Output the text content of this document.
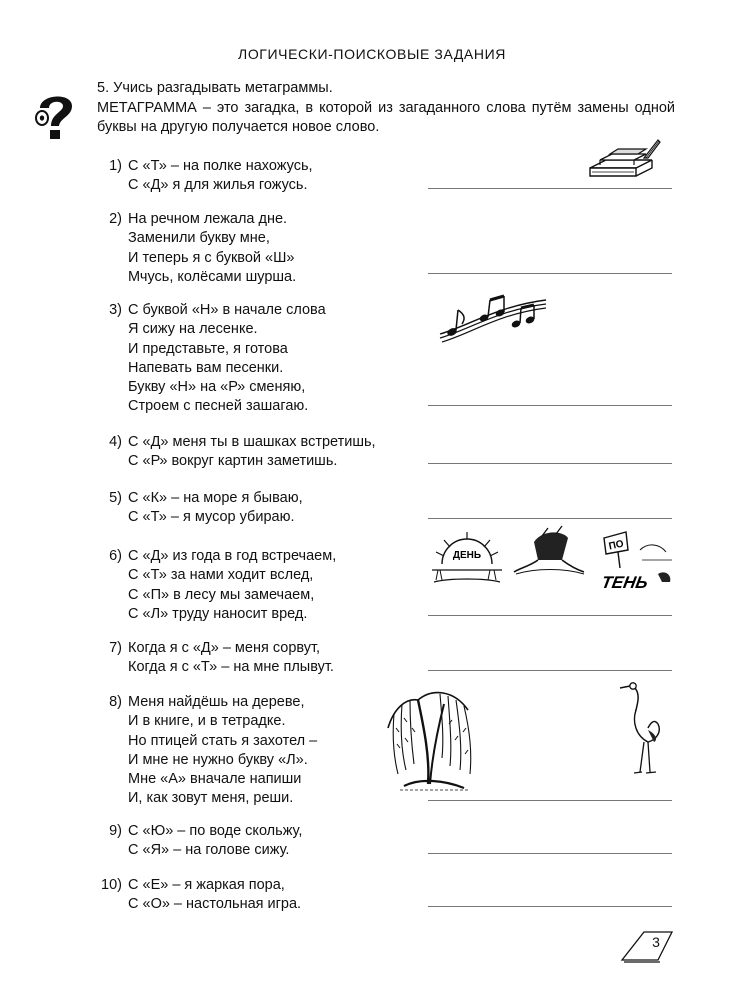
ЛОГИЧЕСКИ-ПОИСКОВЫЕ ЗАДАНИЯ
5. Учись разгадывать метаграммы.
МЕТАГРАММА – это загадка, в которой из загаданного слова путём замены одной буквы на другую получается новое слово.
1) С «Т» – на полке нахожусь,
С «Д» я для жилья гожусь.
2) На речном лежала дне.
Заменили букву мне,
И теперь я с буквой «Ш»
Мчусь, колёсами шурша.
3) С буквой «Н» в начале слова
Я сижу на лесенке.
И представьте, я готова
Напевать вам песенки.
Букву «Н» на «Р» сменяю,
Строем с песней зашагаю.
4) С «Д» меня ты в шашках встретишь,
С «Р» вокруг картин заметишь.
5) С «К» – на море я бываю,
С «Т» – я мусор убираю.
6) С «Д» из года в год встречаем,
С «Т» за нами ходит вслед,
С «П» в лесу мы замечаем,
С «Л» труду наносит вред.
7) Когда я с «Д» – меня сорвут,
Когда я с «Т» – на мне плывут.
8) Меня найдёшь на дереве,
И в книге, и в тетрадке.
Но птицей стать я захотел –
И мне не нужно букву «Л».
Мне «А» вначале напиши
И, как зовут меня, реши.
9) С «Ю» – по воде скольжу,
С «Я» – на голове сижу.
10) С «Е» – я жаркая пора,
С «О» – настольная игра.
ДЕНЬ
ПО
ТЕНЬ
3
